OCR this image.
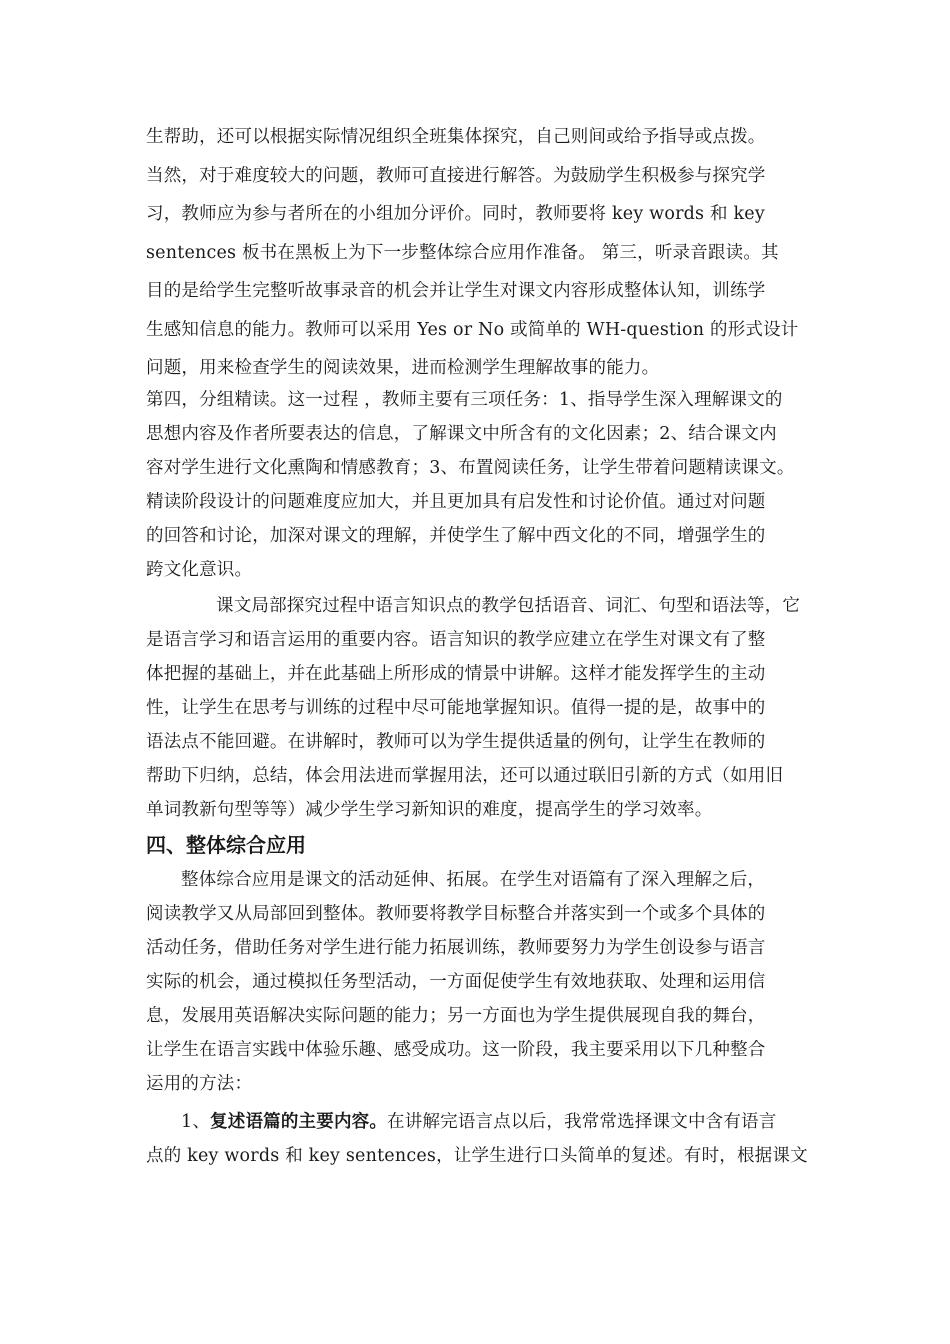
生帮助，还可以根据实际情况组织全班集体探究，自己则间或给予指导或点拨。
当然，对于难度较大的问题，教师可直接进行解答。为鼓励学生积极参与探究学
习，教师应为参与者所在的小组加分评价。同时，教师要将 key words 和 key
sentences 板书在黑板上为下一步整体综合应用作准备。 第三，听录音跟读。其
目的是给学生完整听故事录音的机会并让学生对课文内容形成整体认知，训练学
生感知信息的能力。教师可以采用 Yes or No 或简单的 WH-question 的形式设计
问题，用来检查学生的阅读效果，进而检测学生理解故事的能力。

第四，分组精读。这一过程 ，教师主要有三项任务：1、指导学生深入理解课文的
思想内容及作者所要表达的信息，了解课文中所含有的文化因素；2、结合课文内
容对学生进行文化熏陶和情感教育；3、布置阅读任务，让学生带着问题精读课文。
精读阶段设计的问题难度应加大，并且更加具有启发性和讨论价值。通过对问题
的回答和讨论，加深对课文的理解，并使学生了解中西文化的不同，增强学生的
跨文化意识。

课文局部探究过程中语言知识点的教学包括语音、词汇、句型和语法等，它
是语言学习和语言运用的重要内容。语言知识的教学应建立在学生对课文有了整
体把握的基础上，并在此基础上所形成的情景中讲解。这样才能发挥学生的主动
性，让学生在思考与训练的过程中尽可能地掌握知识。值得一提的是，故事中的
语法点不能回避。在讲解时，教师可以为学生提供适量的例句，让学生在教师的
帮助下归纳，总结，体会用法进而掌握用法，还可以通过联旧引新的方式（如用旧
单词教新句型等等）减少学生学习新知识的难度，提高学生的学习效率。

四、整体综合应用

整体综合应用是课文的活动延伸、拓展。在学生对语篇有了深入理解之后，
阅读教学又从局部回到整体。教师要将教学目标整合并落实到一个或多个具体的
活动任务，借助任务对学生进行能力拓展训练，教师要努力为学生创设参与语言
实际的机会，通过模拟任务型活动，一方面促使学生有效地获取、处理和运用信
息，发展用英语解决实际问题的能力；另一方面也为学生提供展现自我的舞台，
让学生在语言实践中体验乐趣、感受成功。这一阶段，我主要采用以下几种整合
运用的方法：

1、复述语篇的主要内容。在讲解完语言点以后，我常常选择课文中含有语言
点的 key words 和 key sentences，让学生进行口头简单的复述。有时，根据课文
